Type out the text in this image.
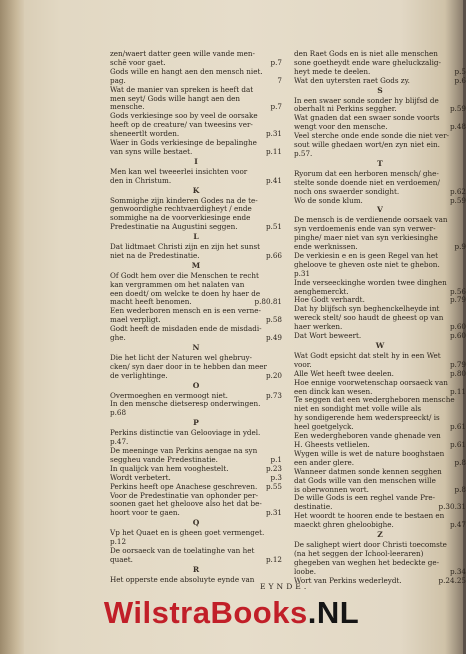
zen/waert datter geen wille vande men-
p.7
schē voor gaet.
Gods wille en hangt aen den mensch niet.
7
pag.
Wat de manier van spreken is heeft dat
men seyt/ Gods wille hangt aen den
p.7
mensche.
Gods verkiesinge soo by veel de oorsake
heeft op de creature/ van tweesins ver-
p.31
sheneertlt worden.
Waer in Gods verkiesinge de bepalinghe
p.11
van syns wille bestaet.
I
Men kan wel tweeerlei insichten voor
p.41
den in Christum.
K
Sommighe zijn kinderen Godes na de te-
genwoordighe rechtvaerdigheyt / ende
sommighe na de voorverkiesinge ende
p.51
Predestinatie na Augustini seggen.
L
Dat lidtmaet Christi zijn en zijn het sunst
p.66
niet na de Predestinatie.
M
Of Godt hem over die Menschen te recht
kan vergrammen om het nalaten van
een doedt/ om welcke te doen hy haer de
p.80.81
macht heeft benomen.
Een wederboren mensch en is een verne-
p.58
mael verpligt.
Godt heeft de misdaden ende de misdadi-
p.49
ghe.
N
Die het licht der Naturen wel ghebruy-
cken/ syn daer door in te hebben dan meer
p.20
de verlightinge.
O
p.73
Overmoeghen en vermoogt niet.
In den mensche dietseresp onderwingen.
p.68
P
Perkins distinctie van Gelooviage in ydel.
p.47.
De meeninge van Perkins aengae na syn
p.1
seggheu vande Predestinatie.
p.23
In qualijck van hem vooghestelt.
p.3
Wordt verbetert.
p.55
Perkins heeft ope Anachese geschreven.
Voor de Predestinatie van ophonder per-
soonen gaet het gheloove also het dat be-
p.31
hoort voor te gaen.
Q
Vp het Quaet en is gheen goet vermenget.
p.12
De oorsaeck van de toelatinghe van het
p.12
quaet.
R
Het opperste ende absoluyte eynde van
den Raet Gods en is niet alle menschen
sone goetheydt ende ware gheluckzalig-
p.5
heyt mede te deelen.
p.6
Wat den uytersten raet Gods zy.
S
In een swaer sonde sonder hy blijfsd de
p.59
oberhalt ni Perkins seggher.
Wat gnaden dat een swaer sonde voorts
p.48
wengt voor den mensche.
Veel sterche onde ende sonde die niet ver-
sout wille ghedaen wort/en zyn niet ein.
p.57.
T
Ryorum dat een herboren mensch/ ghe-
stelte sonde doende niet en verdoemen/
p.62
noch ons swaerder sondight.
p.59
Wo de sonde klum.
V
De mensch is de verdienende oorsaek van
syn verdoemenis ende van syn verwer-
pinghe/ maer niet van syn verkiesinghe
p.9
ende werknissen.
De verkiesin e en is geen Regel van het
gheloove te gheven oste niet te ghebon.
p.31
Inde verseeckinghe worden twee dinghen
p.56
aenghemerckt.
p.79
Hoe Godt verhardt.
Dat hy blijfsch syn beghenckelheyde int
wereck stelt/ soo haudt de gheest op van
p.60
haer werken.
p.60
Dat Wort beweert.
W
Wat Godt epsicht dat stelt hy in een Wet
p.79
voor.
p.80
Alle Wet heeft twee deelen.
Hoe ennige voorwetenschap oorsaeck van
p.11
een dinck kan wesen.
Te seggen dat een wedergheboren mensche
niet en sondight met volle wille als
hy sondigerende hem wederspreeckt/ is
p.61
heel goetgelyck.
Een wedergheboren vande ghenade ven
p.61
H. Gheests vetlielen.
Wygen wille is wet de nature booghstaen
p.8
een ander glere.
Wanneer datmen sonde kennen segghen
dat Gods wille van den menschen wille
p.8
is oberwonnen wort.
De wille Gods is een reghel vande Pre-
p.30.31
destinatie.
Het woordt te hooren ende te bestaen en
p.47
maeckt ghren gheloobighe.
Z
De salighept wiert door Christi toecomste
(na het seggen der Ichool-leeraren)
ghegeben van weghen het bedeckte ge-
p.34
loobe.
p.24.25
Wort van Perkins wederleydt.
EYNDE.
WilstraBooks.NL
